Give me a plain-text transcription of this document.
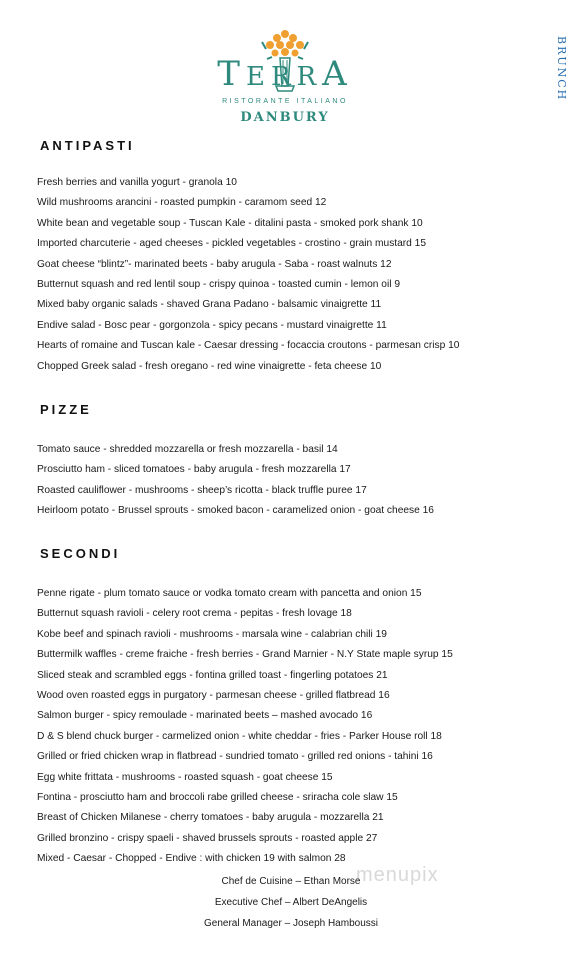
TERRA
RISTORANTE ITALIANO
DANBURY
BRUNCH
ANTIPASTI
Fresh berries and vanilla yogurt - granola 10
Wild mushrooms arancini - roasted pumpkin - caramom seed 12
White bean and vegetable soup - Tuscan Kale - ditalini pasta - smoked pork shank 10
Imported charcuterie - aged cheeses - pickled vegetables - crostino - grain mustard 15
Goat cheese “blintz”- marinated beets - baby arugula - Saba - roast walnuts 12
Butternut squash and red lentil soup - crispy quinoa - toasted cumin - lemon oil 9
Mixed baby organic salads - shaved Grana Padano - balsamic vinaigrette 11
Endive salad - Bosc pear - gorgonzola - spicy pecans - mustard vinaigrette 11
Hearts of romaine and Tuscan kale - Caesar dressing - focaccia croutons - parmesan crisp 10
Chopped Greek salad - fresh oregano - red wine vinaigrette - feta cheese 10
PIZZE
Tomato sauce - shredded mozzarella or fresh mozzarella - basil 14
Prosciutto ham - sliced tomatoes - baby arugula - fresh mozzarella 17
Roasted cauliflower - mushrooms - sheep’s ricotta - black truffle puree 17
Heirloom potato - Brussel sprouts - smoked bacon - caramelized onion - goat cheese 16
SECONDI
Penne rigate - plum tomato sauce or vodka tomato cream with pancetta and onion 15
Butternut squash ravioli - celery root crema - pepitas - fresh lovage 18
Kobe beef and spinach ravioli - mushrooms - marsala wine - calabrian chili 19
Buttermilk waffles - creme fraiche - fresh berries - Grand Marnier - N.Y State maple syrup 15
Sliced steak and scrambled eggs - fontina grilled toast - fingerling potatoes 21
Wood oven roasted eggs in purgatory - parmesan cheese - grilled flatbread 16
Salmon burger - spicy remoulade - marinated beets – mashed avocado 16
D & S blend chuck burger - carmelized onion - white cheddar - fries - Parker House roll 18
Grilled or fried chicken wrap in flatbread - sundried tomato - grilled red onions - tahini 16
Egg white frittata - mushrooms - roasted squash - goat cheese 15
Fontina - prosciutto ham and broccoli rabe grilled cheese - sriracha cole slaw 15
Breast of Chicken Milanese - cherry tomatoes - baby arugula - mozzarella 21
Grilled bronzino - crispy spaeli - shaved brussels sprouts - roasted apple 27
Mixed - Caesar - Chopped - Endive : with chicken 19 with salmon 28
menupix
Chef de Cuisine – Ethan Morse
Executive Chef – Albert DeAngelis
General Manager – Joseph Hamboussi
